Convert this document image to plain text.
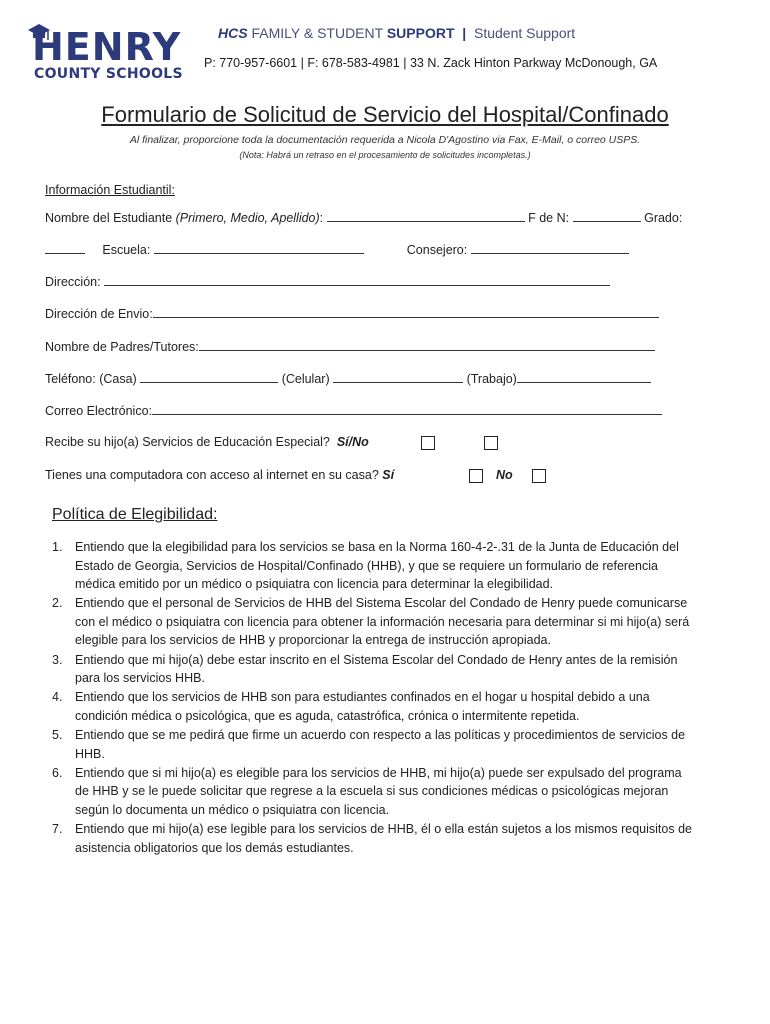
HENRY
COUNTY SCHOOLS
HCS FAMILY & STUDENT SUPPORT | Student Support
P: 770-957-6601 | F: 678-583-4981 | 33 N. Zack Hinton Parkway McDonough, GA
Formulario de Solicitud de Servicio del Hospital/Confinado
Al finalizar, proporcione toda la documentación requerida a Nicola D'Agostino via Fax, E-Mail, o correo USPS.
(Nota: Habrá un retraso en el procesamiento de solicitudes incompletas.)
Información Estudiantil:
Nombre del Estudiante (Primero, Medio, Apellido):	F de N:	Grado:
Escuela:	Consejero:
Dirección:
Dirección de Envio:
Nombre de Padres/Tutores:
Teléfono: (Casa)	(Celular)	(Trabajo)
Correo Electrónico:
Recibe su hijo(a) Servicios de Educación Especial? Sí/No
Tienes una computadora con acceso al internet en su casa? Sí	No
Política de Elegibilidad:
1. Entiendo que la elegibilidad para los servicios se basa en la Norma 160-4-2-.31 de la Junta de Educación del Estado de Georgia, Servicios de Hospital/Confinado (HHB), y que se requiere un formulario de referencia médica emitido por un médico o psiquiatra con licencia para determinar la elegibilidad.
2. Entiendo que el personal de Servicios de HHB del Sistema Escolar del Condado de Henry puede comunicarse con el médico o psiquiatra con licencia para obtener la información necesaria para determinar si mi hijo(a) será elegible para los servicios de HHB y proporcionar la entrega de instrucción apropiada.
3. Entiendo que mi hijo(a) debe estar inscrito en el Sistema Escolar del Condado de Henry antes de la remisión para los servicios HHB.
4. Entiendo que los servicios de HHB son para estudiantes confinados en el hogar u hospital debido a una condición médica o psicológica, que es aguda, catastrófica, crónica o intermitente repetida.
5. Entiendo que se me pedirá que firme un acuerdo con respecto a las políticas y procedimientos de servicios de HHB.
6. Entiendo que si mi hijo(a) es elegible para los servicios de HHB, mi hijo(a) puede ser expulsado del programa de HHB y se le puede solicitar que regrese a la escuela si sus condiciones médicas o psicológicas mejoran según lo documenta un médico o psiquiatra con licencia.
7. Entiendo que mi hijo(a) ese legible para los servicios de HHB, él o ella están sujetos a los mismos requisitos de asistencia obligatorios que los demás estudiantes.
